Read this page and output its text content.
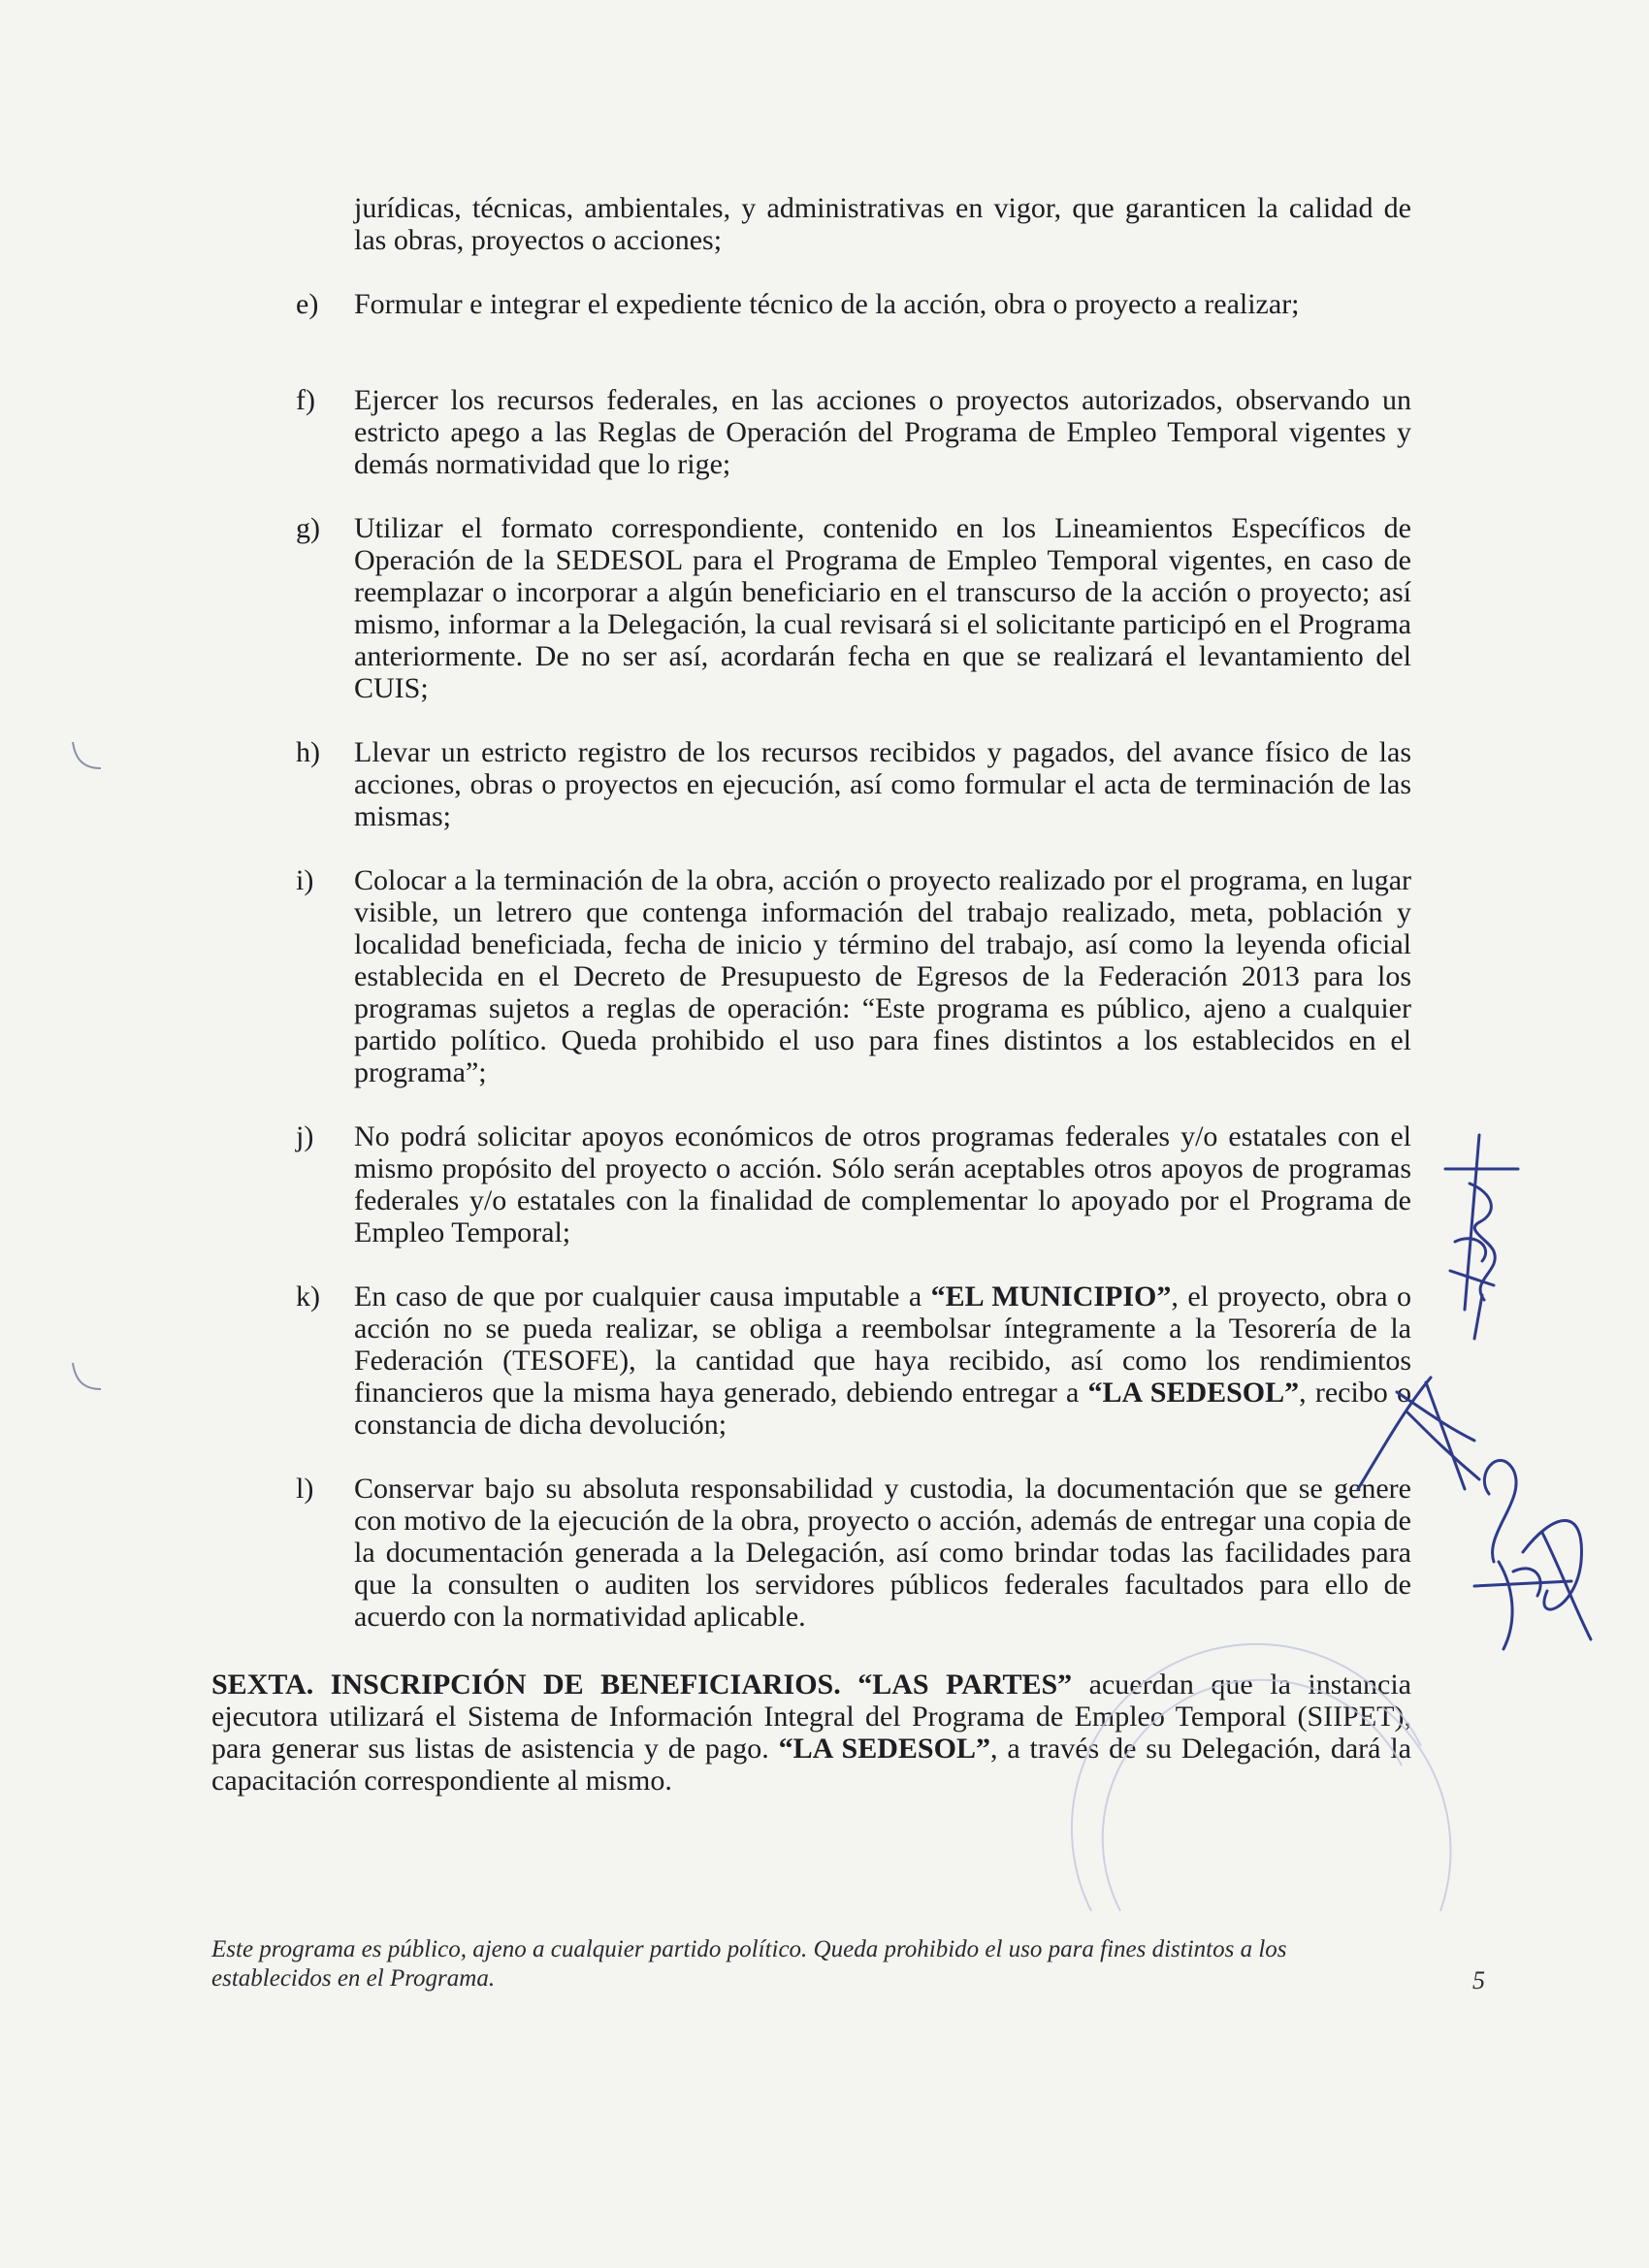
jurídicas, técnicas, ambientales, y administrativas en vigor, que garanticen la calidad de las obras, proyectos o acciones;
e) Formular e integrar el expediente técnico de la acción, obra o proyecto a realizar;
f) Ejercer los recursos federales, en las acciones o proyectos autorizados, observando un estricto apego a las Reglas de Operación del Programa de Empleo Temporal vigentes y demás normatividad que lo rige;
g) Utilizar el formato correspondiente, contenido en los Lineamientos Específicos de Operación de la SEDESOL para el Programa de Empleo Temporal vigentes, en caso de reemplazar o incorporar a algún beneficiario en el transcurso de la acción o proyecto; así mismo, informar a la Delegación, la cual revisará si el solicitante participó en el Programa anteriormente. De no ser así, acordarán fecha en que se realizará el levantamiento del CUIS;
h) Llevar un estricto registro de los recursos recibidos y pagados, del avance físico de las acciones, obras o proyectos en ejecución, así como formular el acta de terminación de las mismas;
i) Colocar a la terminación de la obra, acción o proyecto realizado por el programa, en lugar visible, un letrero que contenga información del trabajo realizado, meta, población y localidad beneficiada, fecha de inicio y término del trabajo, así como la leyenda oficial establecida en el Decreto de Presupuesto de Egresos de la Federación 2013 para los programas sujetos a reglas de operación: “Este programa es público, ajeno a cualquier partido político. Queda prohibido el uso para fines distintos a los establecidos en el programa”;
j) No podrá solicitar apoyos económicos de otros programas federales y/o estatales con el mismo propósito del proyecto o acción. Sólo serán aceptables otros apoyos de programas federales y/o estatales con la finalidad de complementar lo apoyado por el Programa de Empleo Temporal;
k) En caso de que por cualquier causa imputable a “EL MUNICIPIO”, el proyecto, obra o acción no se pueda realizar, se obliga a reembolsar íntegramente a la Tesorería de la Federación (TESOFE), la cantidad que haya recibido, así como los rendimientos financieros que la misma haya generado, debiendo entregar a “LA SEDESOL”, recibo o constancia de dicha devolución;
l) Conservar bajo su absoluta responsabilidad y custodia, la documentación que se genere con motivo de la ejecución de la obra, proyecto o acción, además de entregar una copia de la documentación generada a la Delegación, así como brindar todas las facilidades para que la consulten o auditen los servidores públicos federales facultados para ello de acuerdo con la normatividad aplicable.
SEXTA. INSCRIPCIÓN DE BENEFICIARIOS. “LAS PARTES” acuerdan que la instancia ejecutora utilizará el Sistema de Información Integral del Programa de Empleo Temporal (SIIPET), para generar sus listas de asistencia y de pago. “LA SEDESOL”, a través de su Delegación, dará la capacitación correspondiente al mismo.
Este programa es público, ajeno a cualquier partido político. Queda prohibido el uso para fines distintos a los establecidos en el Programa.	5
